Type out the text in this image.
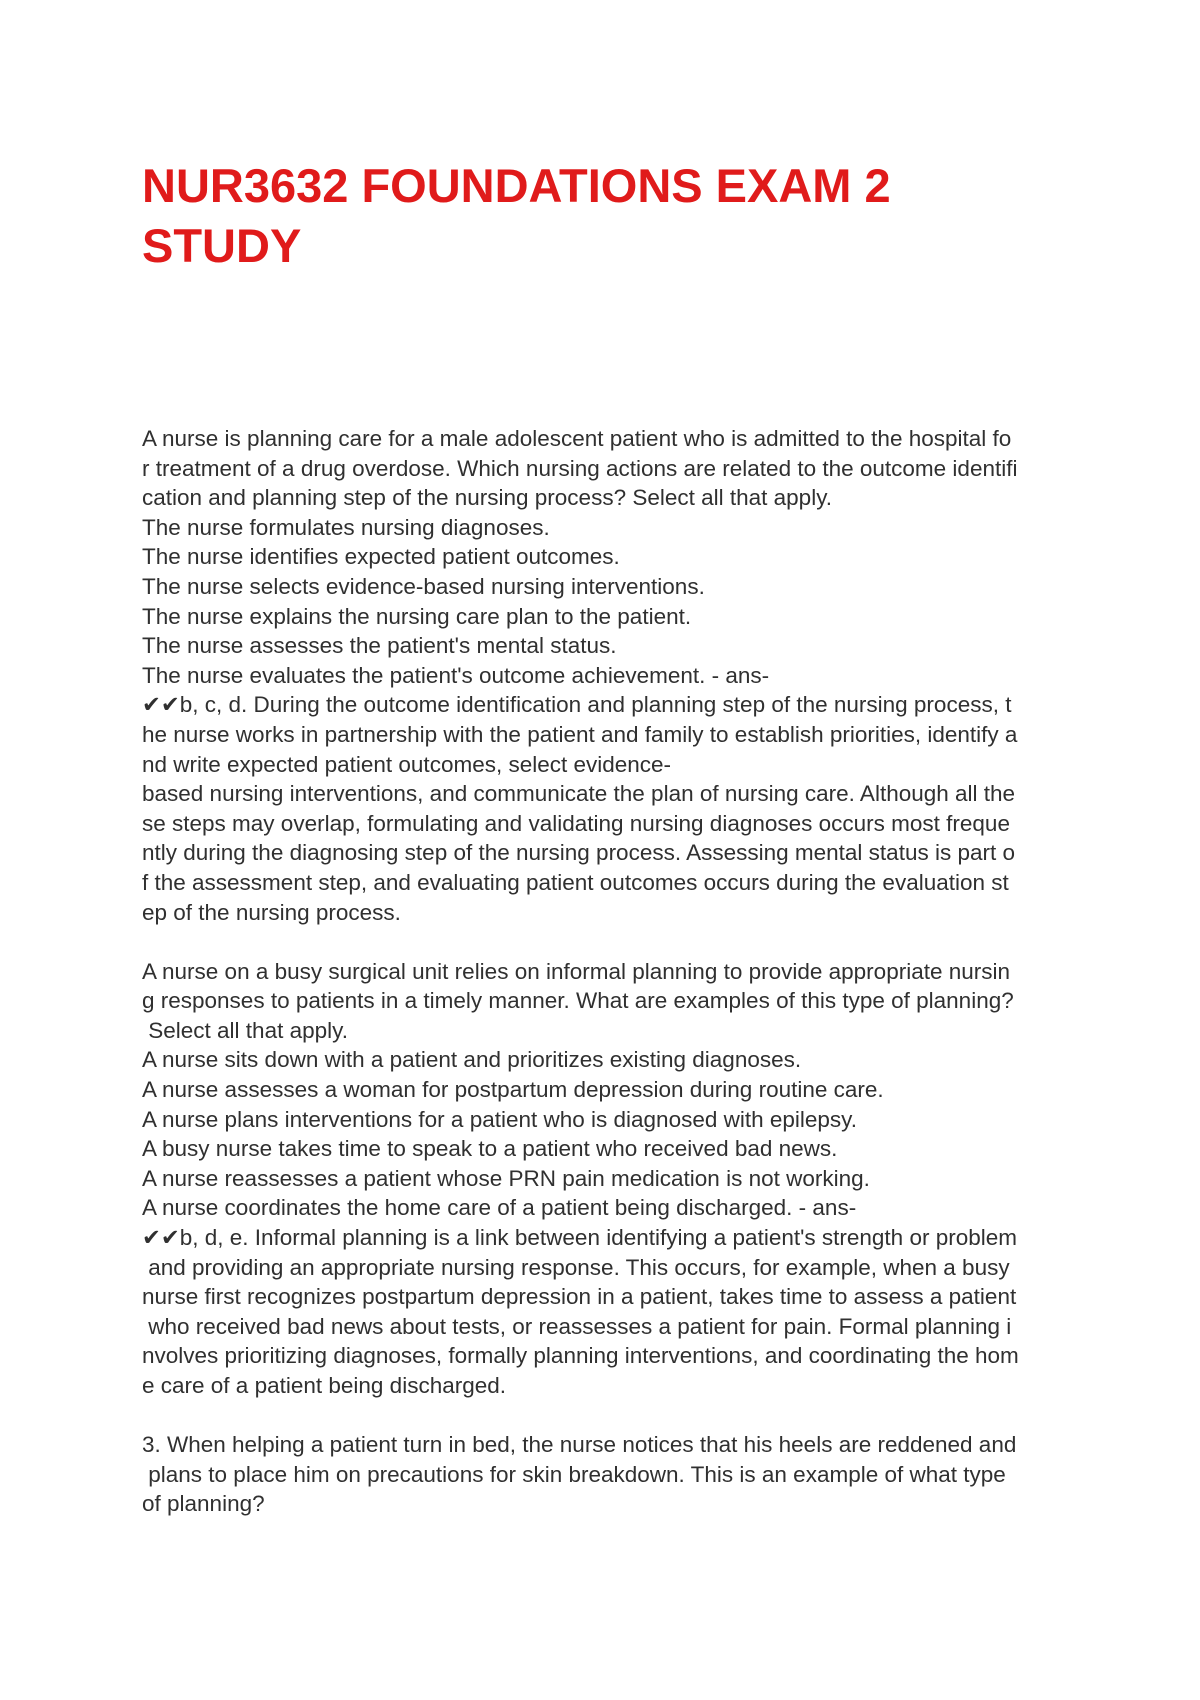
NUR3632 FOUNDATIONS EXAM 2
STUDY
A nurse is planning care for a male adolescent patient who is admitted to the hospital fo
r treatment of a drug overdose. Which nursing actions are related to the outcome identifi
cation and planning step of the nursing process? Select all that apply.
The nurse formulates nursing diagnoses.
The nurse identifies expected patient outcomes.
The nurse selects evidence-based nursing interventions.
The nurse explains the nursing care plan to the patient.
The nurse assesses the patient's mental status.
The nurse evaluates the patient's outcome achievement. - ans-
✔✔b, c, d. During the outcome identification and planning step of the nursing process, t
he nurse works in partnership with the patient and family to establish priorities, identify a
nd write expected patient outcomes, select evidence-
based nursing interventions, and communicate the plan of nursing care. Although all the
se steps may overlap, formulating and validating nursing diagnoses occurs most freque
ntly during the diagnosing step of the nursing process. Assessing mental status is part o
f the assessment step, and evaluating patient outcomes occurs during the evaluation st
ep of the nursing process.
A nurse on a busy surgical unit relies on informal planning to provide appropriate nursin
g responses to patients in a timely manner. What are examples of this type of planning?
Select all that apply.
A nurse sits down with a patient and prioritizes existing diagnoses.
A nurse assesses a woman for postpartum depression during routine care.
A nurse plans interventions for a patient who is diagnosed with epilepsy.
A busy nurse takes time to speak to a patient who received bad news.
A nurse reassesses a patient whose PRN pain medication is not working.
A nurse coordinates the home care of a patient being discharged. - ans-
✔✔b, d, e. Informal planning is a link between identifying a patient's strength or problem
and providing an appropriate nursing response. This occurs, for example, when a busy
nurse first recognizes postpartum depression in a patient, takes time to assess a patient
who received bad news about tests, or reassesses a patient for pain. Formal planning i
nvolves prioritizing diagnoses, formally planning interventions, and coordinating the hom
e care of a patient being discharged.
3. When helping a patient turn in bed, the nurse notices that his heels are reddened and
plans to place him on precautions for skin breakdown. This is an example of what type
of planning?
